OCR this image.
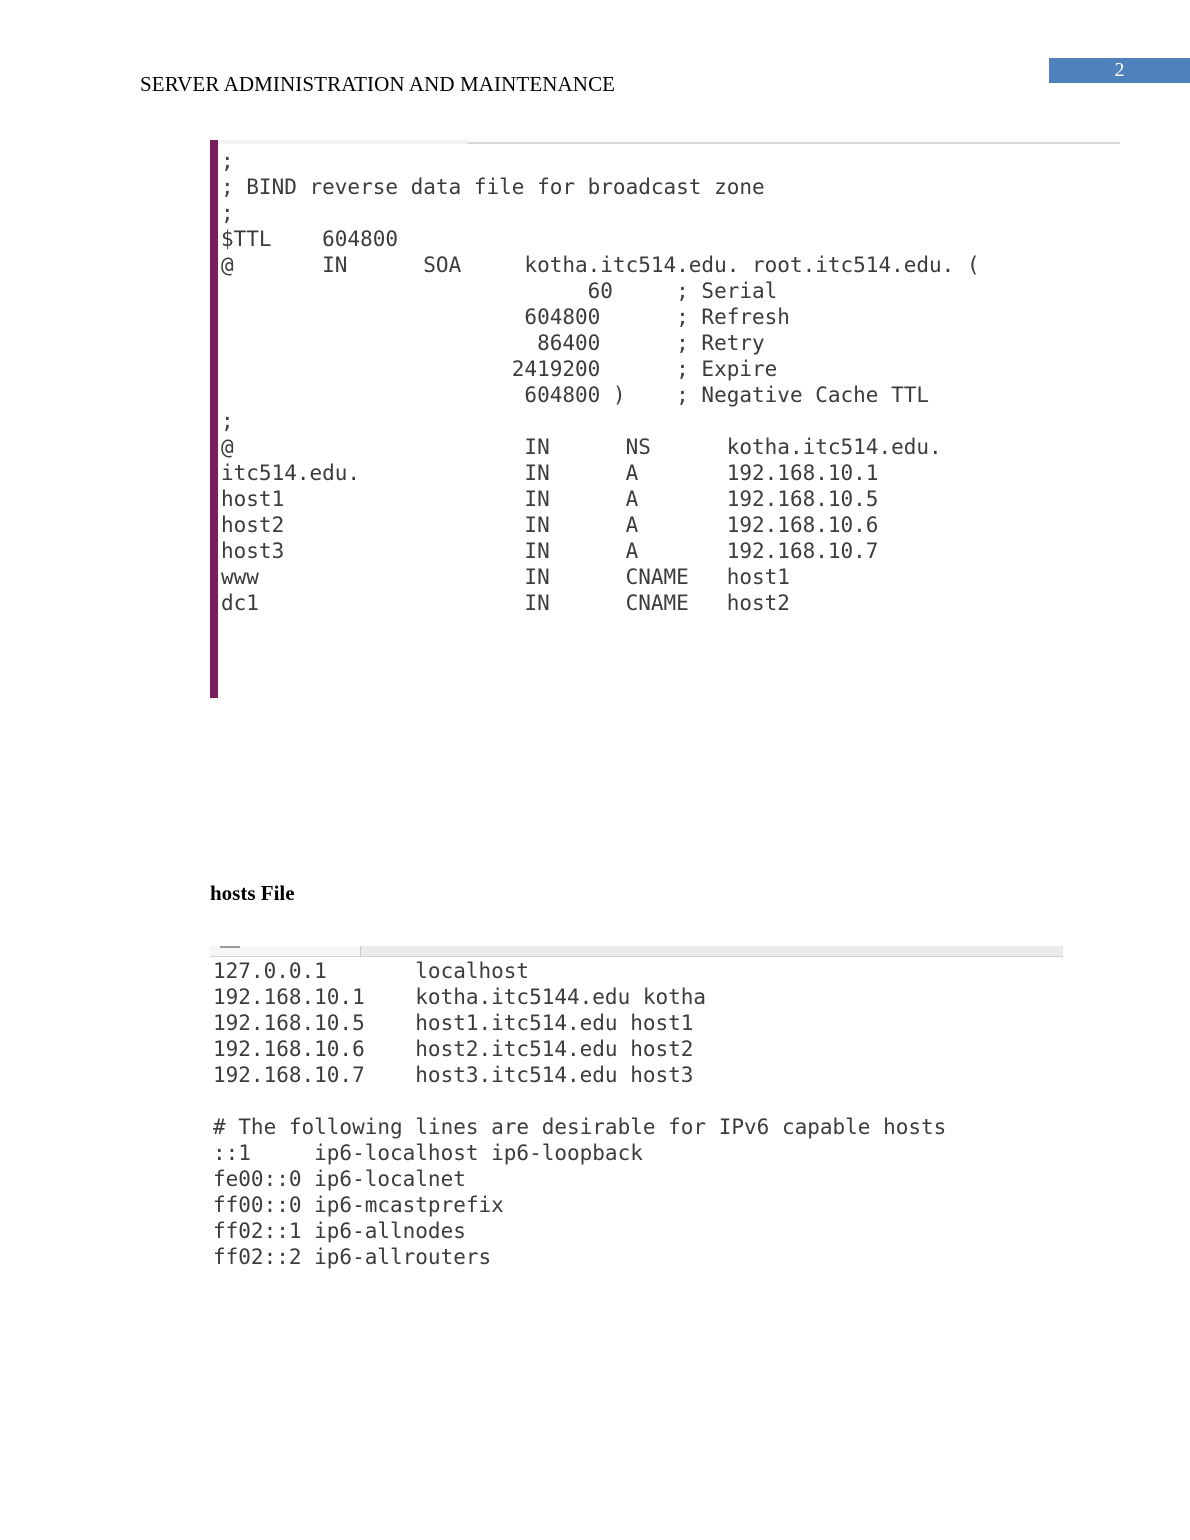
2
SERVER ADMINISTRATION AND MAINTENANCE
;
; BIND reverse data file for broadcast zone
;
$TTL    604800
@       IN      SOA     kotha.itc514.edu. root.itc514.edu. (
60     ; Serial
604800      ; Refresh
86400      ; Retry
2419200      ; Expire
604800 )    ; Negative Cache TTL
;
@                       IN      NS      kotha.itc514.edu.
itc514.edu.             IN      A       192.168.10.1
host1                   IN      A       192.168.10.5
host2                   IN      A       192.168.10.6
host3                   IN      A       192.168.10.7
www                     IN      CNAME   host1
dc1                     IN      CNAME   host2
hosts File
127.0.0.1       localhost
192.168.10.1    kotha.itc5144.edu kotha
192.168.10.5    host1.itc514.edu host1
192.168.10.6    host2.itc514.edu host2
192.168.10.7    host3.itc514.edu host3

# The following lines are desirable for IPv6 capable hosts
::1     ip6-localhost ip6-loopback
fe00::0 ip6-localnet
ff00::0 ip6-mcastprefix
ff02::1 ip6-allnodes
ff02::2 ip6-allrouters
